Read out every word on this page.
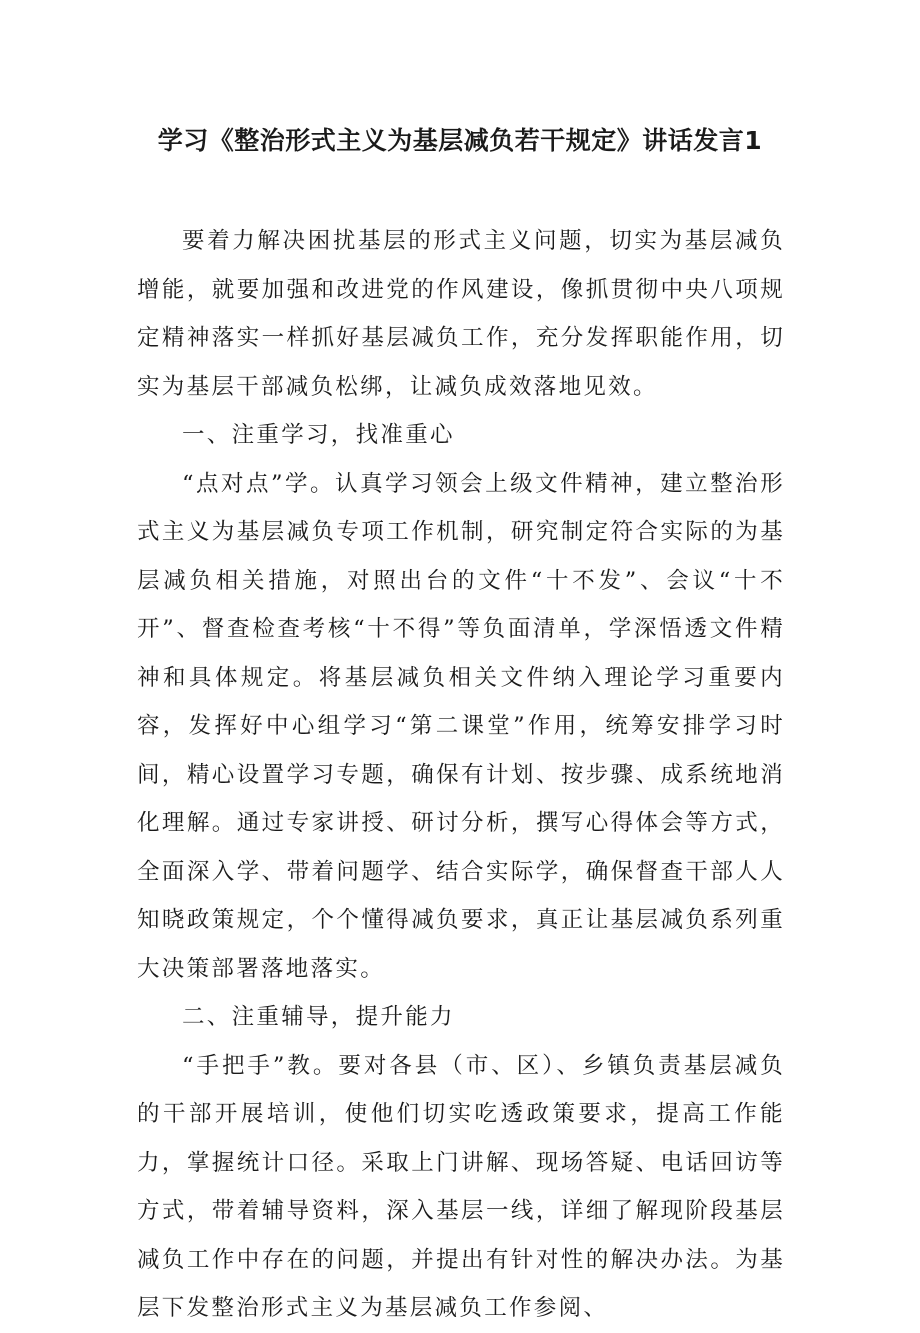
学习《整治形式主义为基层减负若干规定》讲话发言1

要着力解决困扰基层的形式主义问题，切实为基层减负增能，就要加强和改进党的作风建设，像抓贯彻中央八项规定精神落实一样抓好基层减负工作，充分发挥职能作用，切实为基层干部减负松绑，让减负成效落地见效。

一、注重学习，找准重心

“点对点”学。认真学习领会上级文件精神，建立整治形式主义为基层减负专项工作机制，研究制定符合实际的为基层减负相关措施，对照出台的文件“十不发”、会议“十不开”、督查检查考核“十不得”等负面清单，学深悟透文件精神和具体规定。将基层减负相关文件纳入理论学习重要内容，发挥好中心组学习“第二课堂”作用，统筹安排学习时间，精心设置学习专题，确保有计划、按步骤、成系统地消化理解。通过专家讲授、研讨分析，撰写心得体会等方式，全面深入学、带着问题学、结合实际学，确保督查干部人人知晓政策规定，个个懂得减负要求，真正让基层减负系列重大决策部署落地落实。

二、注重辅导，提升能力

“手把手”教。要对各县（市、区）、乡镇负责基层减负的干部开展培训，使他们切实吃透政策要求，提高工作能力，掌握统计口径。采取上门讲解、现场答疑、电话回访等方式，带着辅导资料，深入基层一线，详细了解现阶段基层减负工作中存在的问题，并提出有针对性的解决办法。为基层下发整治形式主义为基层减负工作参阅、
